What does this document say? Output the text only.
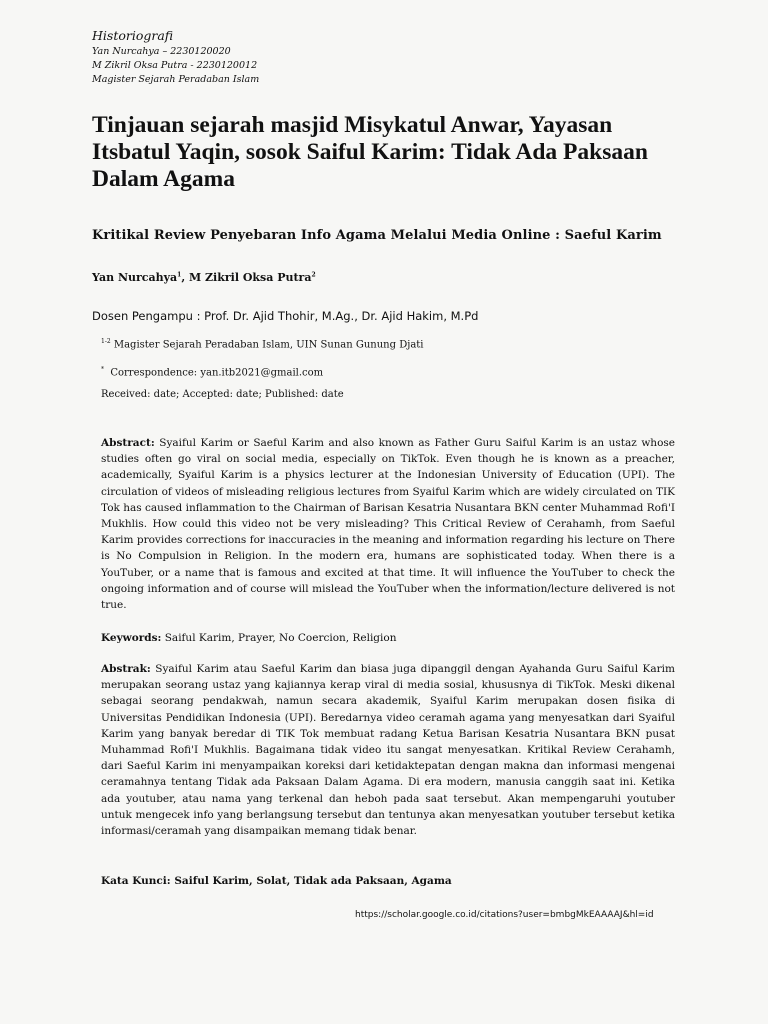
Historiografi
Yan Nurcahya – 2230120020
M Zikril Oksa Putra - 2230120012
Magister Sejarah Peradaban Islam
Tinjauan sejarah masjid Misykatul Anwar, Yayasan Itsbatul Yaqin, sosok Saiful Karim: Tidak Ada Paksaan Dalam Agama
Kritikal Review Penyebaran Info Agama Melalui Media Online : Saeful Karim
Yan Nurcahya$^1$, M Zikril Oksa Putra$^2$
Dosen Pengampu : Prof. Dr. Ajid Thohir, M.Ag., Dr. Ajid Hakim, M.Pd
$^{1-2}$ Magister Sejarah Peradaban Islam, UIN Sunan Gunung Djati
* Correspondence: yan.itb2021@gmail.com
Received: date; Accepted: date; Published: date

Abstract: Syaiful Karim or Saeful Karim and also known as Father Guru Saiful Karim is an ustaz whose studies often go viral on social media, especially on TikTok. Even though he is known as a preacher, academically, Syaiful Karim is a physics lecturer at the Indonesian University of Education (UPI). The circulation of videos of misleading religious lectures from Syaiful Karim which are widely circulated on TIK Tok has caused inflammation to the Chairman of Barisan Kesatria Nusantara BKN center Muhammad Rofi'I Mukhlis. How could this video not be very misleading? This Critical Review of Cerahamh, from Saeful Karim provides corrections for inaccuracies in the meaning and information regarding his lecture on There is No Compulsion in Religion. In the modern era, humans are sophisticated today. When there is a YouTuber, or a name that is famous and excited at that time. It will influence the YouTuber to check the ongoing information and of course will mislead the YouTuber when the information/lecture delivered is not true.

Keywords: Saiful Karim, Prayer, No Coercion, Religion

Abstrak: Syaiful Karim atau Saeful Karim dan biasa juga dipanggil dengan Ayahanda Guru Saiful Karim merupakan seorang ustaz yang kajiannya kerap viral di media sosial, khususnya di TikTok. Meski dikenal sebagai seorang pendakwah, namun secara akademik, Syaiful Karim merupakan dosen fisika di Universitas Pendidikan Indonesia (UPI). Beredarnya video ceramah agama yang menyesatkan dari Syaiful Karim yang banyak beredar di TIK Tok membuat radang Ketua Barisan Kesatria Nusantara BKN pusat Muhammad Rofi'I Mukhlis. Bagaimana tidak video itu sangat menyesatkan. Kritikal Review Cerahamh, dari Saeful Karim ini menyampaikan koreksi dari ketidaktepatan dengan makna dan informasi mengenai ceramahnya tentang Tidak ada Paksaan Dalam Agama. Di era modern, manusia canggih saat ini. Ketika ada youtuber, atau nama yang terkenal dan heboh pada saat tersebut. Akan mempengaruhi youtuber untuk mengecek info yang berlangsung tersebut dan tentunya akan menyesatkan youtuber tersebut ketika informasi/ceramah yang disampaikan memang tidak benar.

Kata Kunci: Saiful Karim, Solat, Tidak ada Paksaan, Agama

https://scholar.google.co.id/citations?user=bmbgMkEAAAAJ&hl=id
